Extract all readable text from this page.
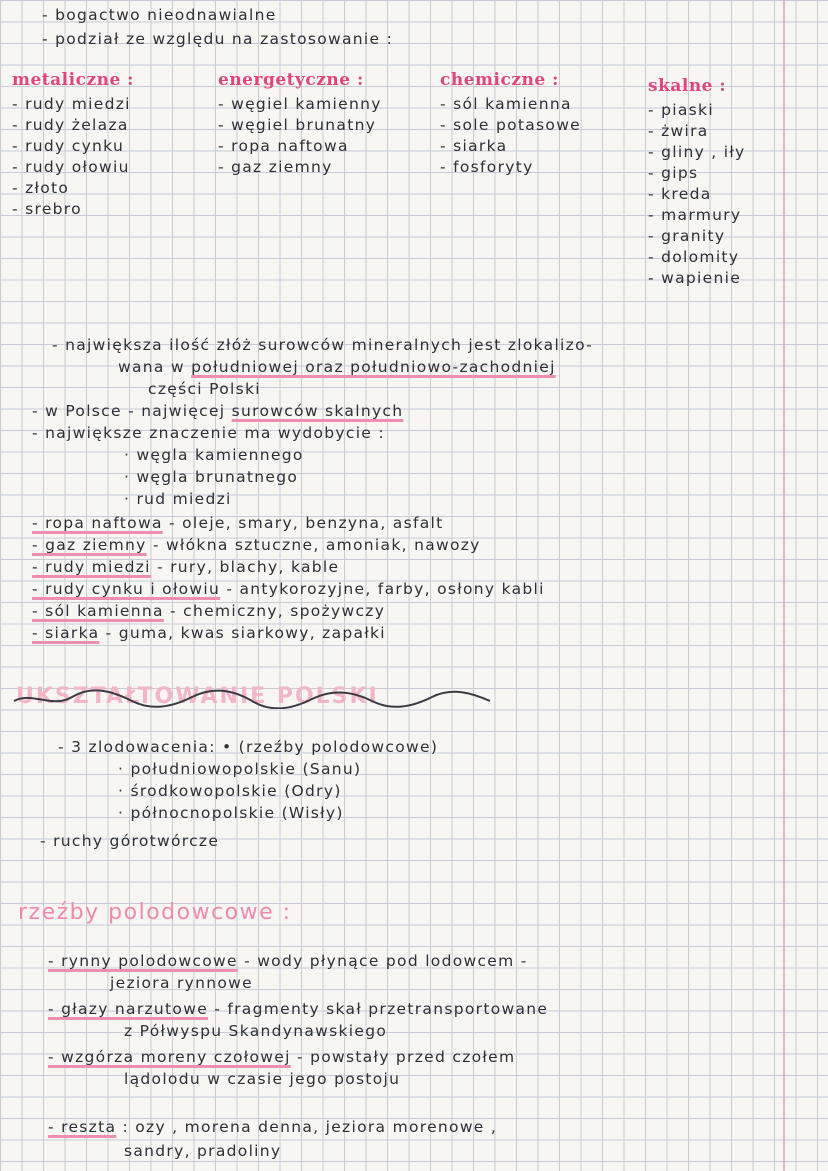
- bogactwo nieodnawialne
- podział ze względu na zastosowanie :
metaliczne :
- rudy miedzi
- rudy żelaza
- rudy cynku
- rudy ołowiu
- złoto
- srebro
energetyczne :
- węgiel kamienny
- węgiel brunatny
- ropa naftowa
- gaz ziemny
chemiczne :
- sól kamienna
- sole potasowe
- siarka
- fosforyty
skalne :
- piaski
- żwira
- gliny , iły
- gips
- kreda
- marmury
- granity
- dolomity
- wapienie
- największa ilość złóż surowców mineralnych jest zlokalizo-
wana w południowej oraz południowo-zachodniej
części Polski
- w Polsce - najwięcej surowców skalnych
- największe znaczenie ma wydobycie :
· węgla kamiennego
· węgla brunatnego
· rud miedzi
- ropa naftowa - oleje, smary, benzyna, asfalt
- gaz ziemny - włókna sztuczne, amoniak, nawozy
- rudy miedzi - rury, blachy, kable
- rudy cynku i ołowiu - antykorozyjne, farby, osłony kabli
- sól kamienna - chemiczny, spożywczy
- siarka - guma, kwas siarkowy, zapałki
UKSZTAŁTOWANIE POLSKI
- 3 zlodowacenia: • (rzeźby polodowcowe)
· południowopolskie (Sanu)
· środkowopolskie (Odry)
· północnopolskie (Wisły)
- ruchy górotwórcze
rzeźby polodowcowe :
- rynny polodowcowe - wody płynące pod lodowcem -
jeziora rynnowe
- głazy narzutowe - fragmenty skał przetransportowane
z Półwyspu Skandynawskiego
- wzgórza moreny czołowej - powstały przed czołem
lądolodu w czasie jego postoju
- reszta : ozy , morena denna, jeziora morenowe ,
sandry, pradoliny
